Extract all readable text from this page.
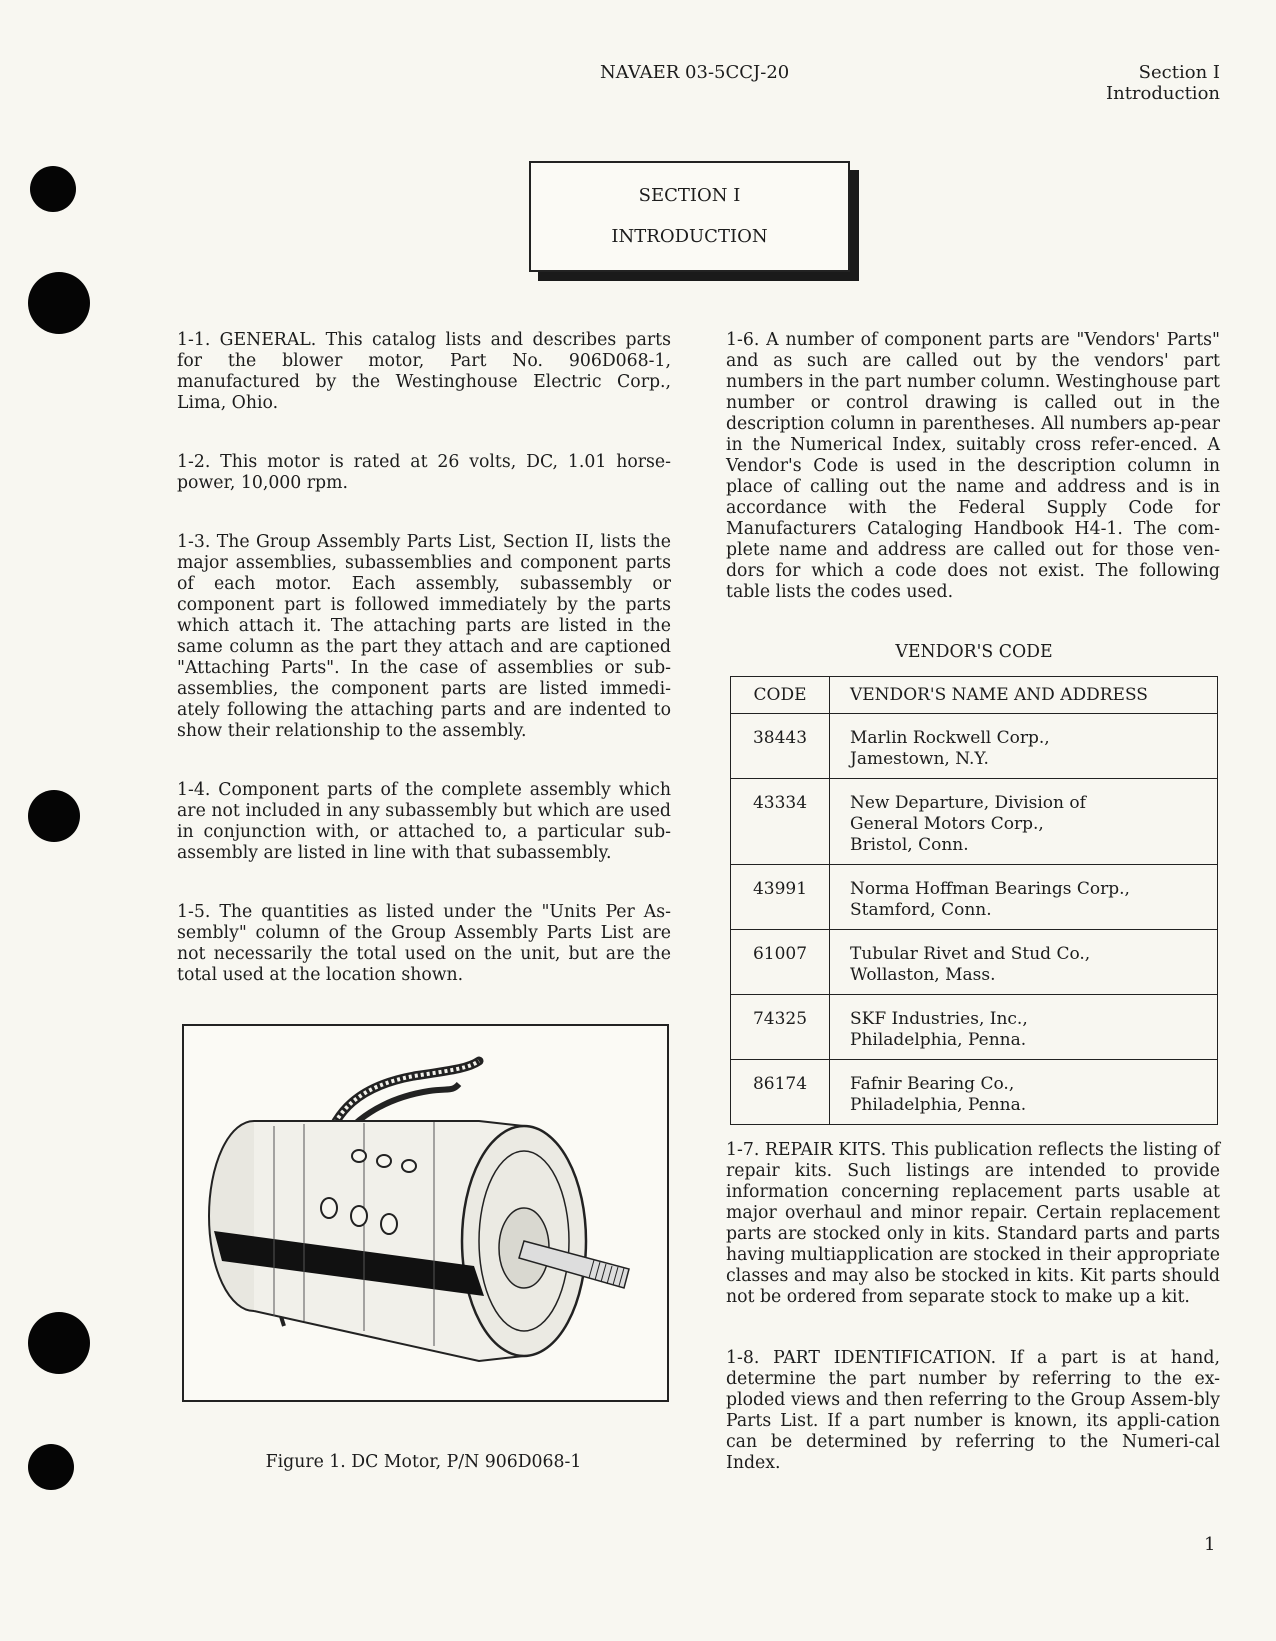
NAVAER 03-5CCJ-20	Section I
Introduction
SECTION I
INTRODUCTION

1-1. GENERAL. This catalog lists and describes parts for the blower motor, Part No. 906D068-1, manufactured by the Westinghouse Electric Corp., Lima, Ohio.

1-2. This motor is rated at 26 volts, DC, 1.01 horse-power, 10,000 rpm.

1-3. The Group Assembly Parts List, Section II, lists the major assemblies, subassemblies and component parts of each motor. Each assembly, subassembly or component part is followed immediately by the parts which attach it. The attaching parts are listed in the same column as the part they attach and are captioned "Attaching Parts". In the case of assemblies or sub-assemblies, the component parts are listed immedi-ately following the attaching parts and are indented to show their relationship to the assembly.

1-4. Component parts of the complete assembly which are not included in any subassembly but which are used in conjunction with, or attached to, a particular sub-assembly are listed in line with that subassembly.

1-5. The quantities as listed under the "Units Per As-sembly" column of the Group Assembly Parts List are not necessarily the total used on the unit, but are the total used at the location shown.

Figure 1. DC Motor, P/N 906D068-1
1-6. A number of component parts are "Vendors' Parts" and as such are called out by the vendors' part numbers in the part number column. Westinghouse part number or control drawing is called out in the description column in parentheses. All numbers ap-pear in the Numerical Index, suitably cross refer-enced. A Vendor's Code is used in the description column in place of calling out the name and address and is in accordance with the Federal Supply Code for Manufacturers Cataloging Handbook H4-1. The com-plete name and address are called out for those ven-dors for which a code does not exist. The following table lists the codes used.
VENDOR'S CODE
CODE	VENDOR'S NAME AND ADDRESS
38443	Marlin Rockwell Corp.,
Jamestown, N.Y.

43334	New Departure, Division of
General Motors Corp.,
Bristol, Conn.

43991	Norma Hoffman Bearings Corp.,
Stamford, Conn.

61007	Tubular Rivet and Stud Co.,
Wollaston, Mass.

74325	SKF Industries, Inc.,
Philadelphia, Penna.

86174	Fafnir Bearing Co.,
Philadelphia, Penna.
1-7. REPAIR KITS. This publication reflects the listing of repair kits. Such listings are intended to provide information concerning replacement parts usable at major overhaul and minor repair. Certain replacement parts are stocked only in kits. Standard parts and parts having multiapplication are stocked in their appropriate classes and may also be stocked in kits. Kit parts should not be ordered from separate stock to make up a kit.
1-8. PART IDENTIFICATION. If a part is at hand, determine the part number by referring to the ex-ploded views and then referring to the Group Assem-bly Parts List. If a part number is known, its appli-cation can be determined by referring to the Numeri-cal Index.
1
